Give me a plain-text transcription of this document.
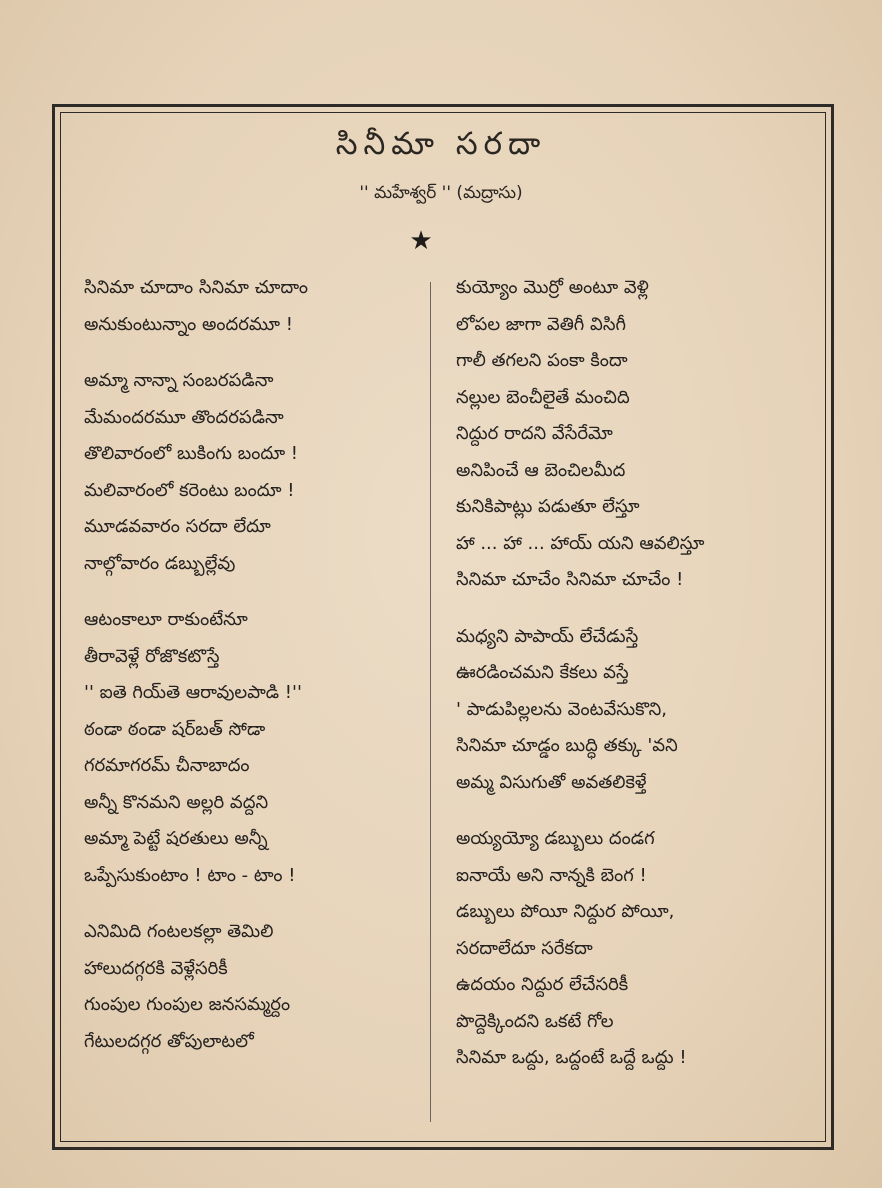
సినీమా సరదా
'' మహేశ్వర్ '' (మద్రాసు)
★
సినిమా చూదాం సినిమా చూదాం
అనుకుంటున్నాం అందరమూ !
అమ్మా నాన్నా సంబరపడినా
మేమందరమూ తొందరపడినా
తొలివారంలో బుకింగు బందూ !
మలివారంలో కరెంటు బందూ !
మూడవవారం సరదా లేదూ
నాల్గోవారం డబ్బుల్లేవు
ఆటంకాలూ రాకుంటేనూ
తీరావెళ్లే రోజొకటొస్తే
'' ఐతె గియ్‌తె ఆరావులపాడి !''
ఠండా ఠండా షర్‌బత్ సోడా
గరమాగరమ్ చీనాబాదం
అన్నీ కొనమని అల్లరి వద్దని
అమ్మా పెట్టే షరతులు అన్నీ
ఒప్పేసుకుంటాం ! టాం - టాం !
ఎనిమిది గంటలకల్లా తెమిలి
హాలుదగ్గరకి వెళ్లేసరికీ
గుంపుల గుంపుల జనసమ్మర్దం
గేటులదగ్గర తోపులాటలో
కుయ్యోం మొర్రో అంటూ వెళ్లి
లోపల జాగా వెతిగీ విసిగీ
గాలీ తగలని పంకా కిందా
నల్లుల బెంచీలైతే మంచిది
నిద్దుర రాదని వేసేరేమో
అనిపించే ఆ బెంచిలమీద
కునికిపాట్లు పడుతూ లేస్తూ
హా ... హా ... హాయ్ యని ఆవలిస్తూ
సినిమా చూచేం సినిమా చూచేం !
మధ్యని పాపాయ్ లేచేడుస్తే
ఊరడించమని కేకలు వస్తే
' పాడుపిల్లలను వెంటవేసుకొని,
సినిమా చూడ్డం బుద్ధి తక్కు 'వని
అమ్మ విసుగుతో అవతలికెళ్తే
అయ్యయ్యో డబ్బులు దండగ
ఐనాయే అని నాన్నకి బెంగ !
డబ్బులు పోయీ నిద్దుర పోయీ,
సరదాలేదూ సరేకదా
ఉదయం నిద్దుర లేచేసరికీ
పొద్దెక్కిందని ఒకటే గోల
సినిమా ఒద్దు, ఒద్దంటే ఒద్దే ఒద్దు !
